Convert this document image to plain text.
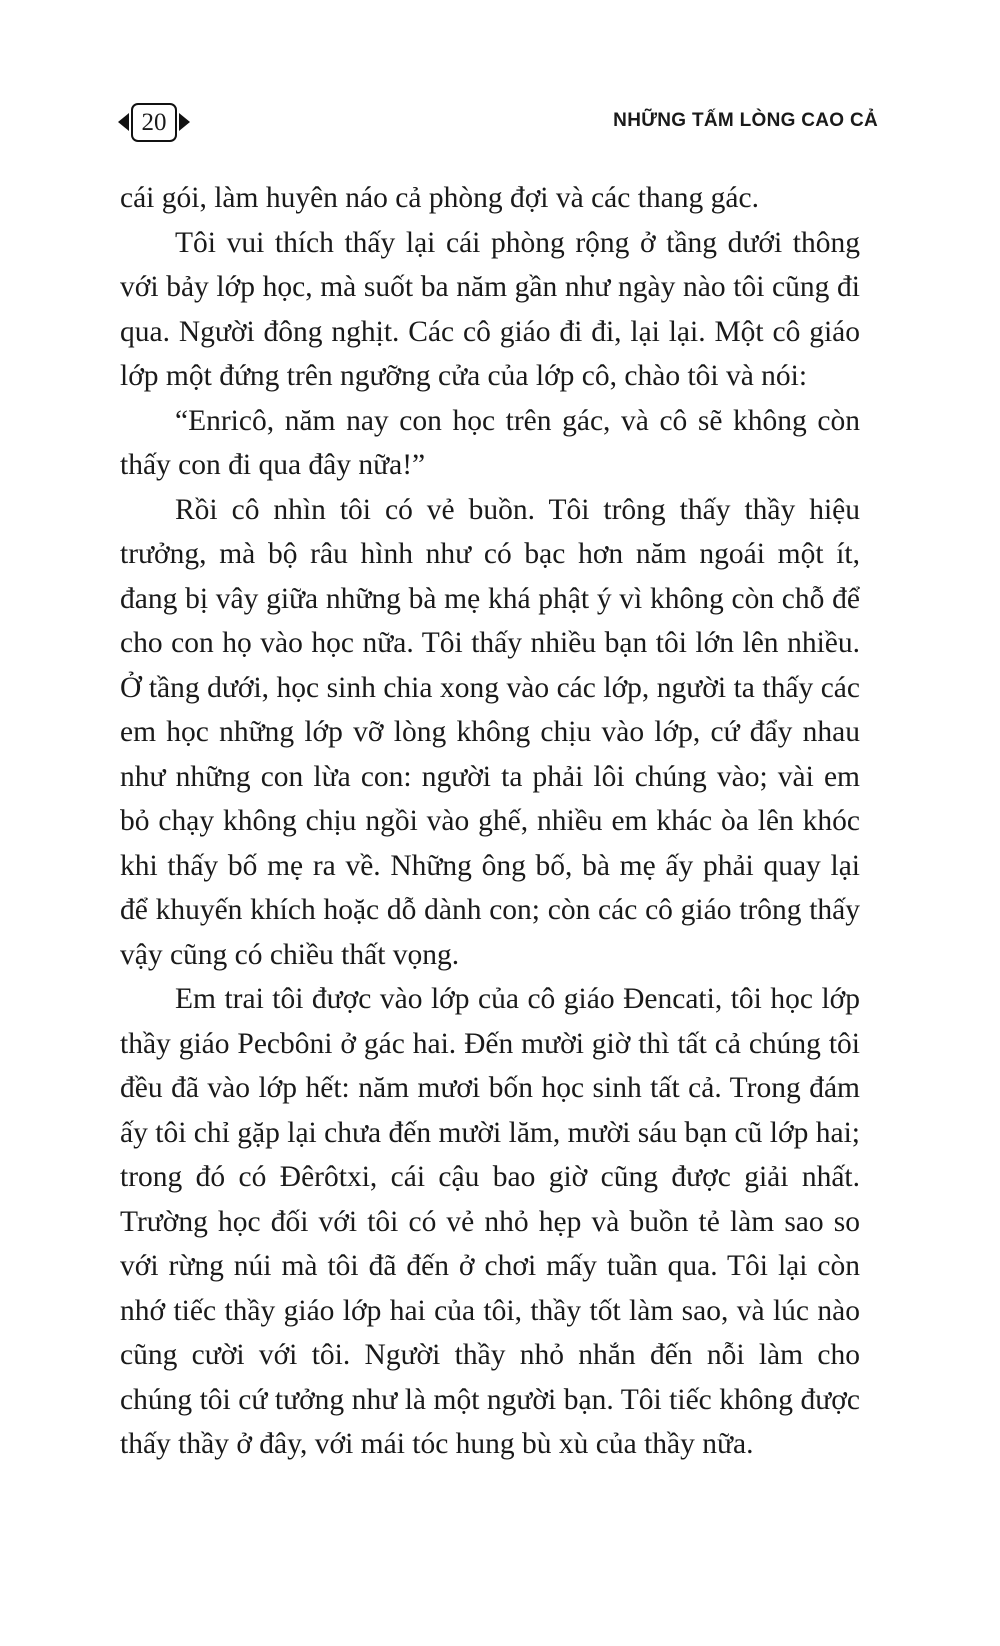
20	NHỮNG TẤM LÒNG CAO CẢ

cái gói, làm huyên náo cả phòng đợi và các thang gác.

Tôi vui thích thấy lại cái phòng rộng ở tầng dưới thông với bảy lớp học, mà suốt ba năm gần như ngày nào tôi cũng đi qua. Người đông nghịt. Các cô giáo đi đi, lại lại. Một cô giáo lớp một đứng trên ngưỡng cửa của lớp cô, chào tôi và nói:

“Enricô, năm nay con học trên gác, và cô sẽ không còn thấy con đi qua đây nữa!”

Rồi cô nhìn tôi có vẻ buồn. Tôi trông thấy thầy hiệu trưởng, mà bộ râu hình như có bạc hơn năm ngoái một ít, đang bị vây giữa những bà mẹ khá phật ý vì không còn chỗ để cho con họ vào học nữa. Tôi thấy nhiều bạn tôi lớn lên nhiều. Ở tầng dưới, học sinh chia xong vào các lớp, người ta thấy các em học những lớp vỡ lòng không chịu vào lớp, cứ đẩy nhau như những con lừa con: người ta phải lôi chúng vào; vài em bỏ chạy không chịu ngồi vào ghế, nhiều em khác òa lên khóc khi thấy bố mẹ ra về. Những ông bố, bà mẹ ấy phải quay lại để khuyến khích hoặc dỗ dành con; còn các cô giáo trông thấy vậy cũng có chiều thất vọng.

Em trai tôi được vào lớp của cô giáo Đencati, tôi học lớp thầy giáo Pecbôni ở gác hai. Đến mười giờ thì tất cả chúng tôi đều đã vào lớp hết: năm mươi bốn học sinh tất cả. Trong đám ấy tôi chỉ gặp lại chưa đến mười lăm, mười sáu bạn cũ lớp hai; trong đó có Đêrôtxi, cái cậu bao giờ cũng được giải nhất. Trường học đối với tôi có vẻ nhỏ hẹp và buồn tẻ làm sao so với rừng núi mà tôi đã đến ở chơi mấy tuần qua. Tôi lại còn nhớ tiếc thầy giáo lớp hai của tôi, thầy tốt làm sao, và lúc nào cũng cười với tôi. Người thầy nhỏ nhắn đến nỗi làm cho chúng tôi cứ tưởng như là một người bạn. Tôi tiếc không được thấy thầy ở đây, với mái tóc hung bù xù của thầy nữa.
